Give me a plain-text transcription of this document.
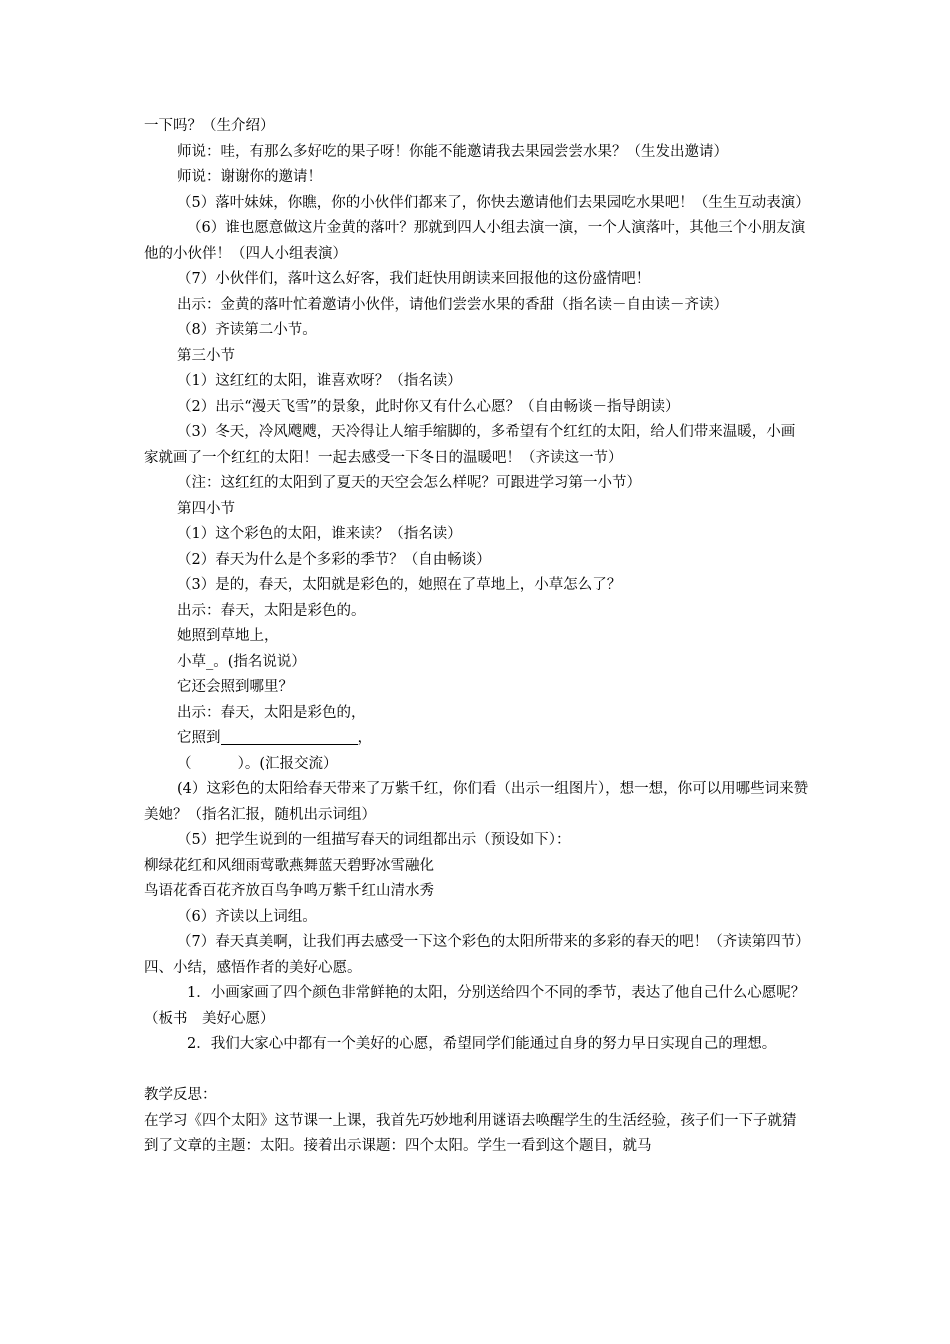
一下吗？（生介绍）

师说：哇，有那么多好吃的果子呀！你能不能邀请我去果园尝尝水果？（生发出邀请）

师说：谢谢你的邀请！

（5）落叶妹妹，你瞧，你的小伙伴们都来了，你快去邀请他们去果园吃水果吧！（生生互动表演）

（6）谁也愿意做这片金黄的落叶？那就到四人小组去演一演，一个人演落叶，其他三个小朋友演他的小伙伴！（四人小组表演）

（7）小伙伴们，落叶这么好客，我们赶快用朗读来回报他的这份盛情吧！

出示：金黄的落叶忙着邀请小伙伴，请他们尝尝水果的香甜（指名读－自由读－齐读）

（8）齐读第二小节。

第三小节

（1）这红红的太阳，谁喜欢呀？（指名读）

（2）出示“漫天飞雪”的景象，此时你又有什么心愿？（自由畅谈－指导朗读）

（3）冬天，冷风飕飕，天冷得让人缩手缩脚的，多希望有个红红的太阳，给人们带来温暖，小画家就画了一个红红的太阳！一起去感受一下冬日的温暖吧！（齐读这一节）

（注：这红红的太阳到了夏天的天空会怎么样呢？可跟进学习第一小节）

第四小节

（1）这个彩色的太阳，谁来读？（指名读）

（2）春天为什么是个多彩的季节？（自由畅谈）

（3）是的，春天，太阳就是彩色的，她照在了草地上，小草怎么了？

出示：春天，太阳是彩色的。

她照到草地上，

小草_。(指名说说）

它还会照到哪里？

出示：春天，太阳是彩色的，

它照到	，

（          ）。(汇报交流）

(4）这彩色的太阳给春天带来了万紫千红，你们看（出示一组图片），想一想，你可以用哪些词来赞美她？（指名汇报，随机出示词组）

（5）把学生说到的一组描写春天的词组都出示（预设如下）：

柳绿花红和风细雨莺歌燕舞蓝天碧野冰雪融化

鸟语花香百花齐放百鸟争鸣万紫千红山清水秀

（6）齐读以上词组。

（7）春天真美啊，让我们再去感受一下这个彩色的太阳所带来的多彩的春天的吧！（齐读第四节）

四、小结，感悟作者的美好心愿。

1．小画家画了四个颜色非常鲜艳的太阳，分别送给四个不同的季节，表达了他自己什么心愿呢？（板书　美好心愿）

2．我们大家心中都有一个美好的心愿，希望同学们能通过自身的努力早日实现自己的理想。

教学反思：

在学习《四个太阳》这节课一上课，我首先巧妙地利用谜语去唤醒学生的生活经验，孩子们一下子就猜到了文章的主题：太阳。接着出示课题：四个太阳。学生一看到这个题目，就马
